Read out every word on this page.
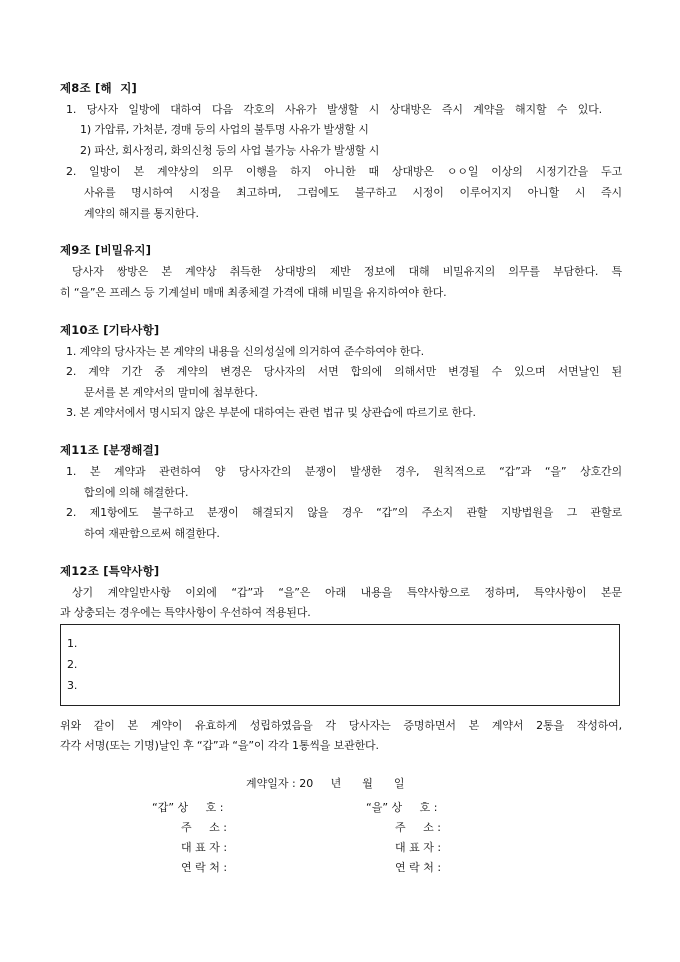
제8조 [해  지]
1. 당사자 일방에 대하여 다음 각호의 사유가 발생할 시 상대방은 즉시 계약을 해지할 수 있다.
1) 가압류, 가처분, 경매 등의 사업의 불투명 사유가 발생할 시
2) 파산, 회사정리, 화의신청 등의 사업 불가능 사유가 발생할 시
2. 일방이 본 계약상의 의무 이행을 하지 아니한 때 상대방은 ㅇㅇ일 이상의 시정기간을 두고
사유를 명시하여 시정을 최고하며, 그럼에도 불구하고 시정이 이루어지지 아니할 시 즉시
계약의 해지를 통지한다.
제9조 [비밀유지]
당사자 쌍방은 본 계약상 취득한 상대방의 제반 정보에 대해 비밀유지의 의무를 부담한다. 특
히 “을”은 프레스 등 기계설비 매매 최종체결 가격에 대해 비밀을 유지하여야 한다.
제10조 [기타사항]
1. 계약의 당사자는 본 계약의 내용을 신의성실에 의거하여 준수하여야 한다.
2. 계약 기간 중 계약의 변경은 당사자의 서면 합의에 의해서만 변경될 수 있으며 서면날인 된
문서를 본 계약서의 말미에 첨부한다.
3. 본 계약서에서 명시되지 않은 부분에 대하여는 관련 법규 및 상관습에 따르기로 한다.
제11조 [분쟁해결]
1. 본 계약과 관련하여 양 당사자간의 분쟁이 발생한 경우, 원칙적으로 “갑”과 “을” 상호간의
합의에 의해 해결한다.
2. 제1항에도 불구하고 분쟁이 해결되지 않을 경우 “갑”의 주소지 관할 지방법원을 그 관할로
하여 재판함으로써 해결한다.
제12조 [특약사항]
상기 계약일반사항 이외에 “갑”과 “을”은 아래 내용을 특약사항으로 정하며, 특약사항이 본문
과 상충되는 경우에는 특약사항이 우선하여 적용된다.
1.
2.
3.
위와 같이 본 계약이 유효하게 성립하였음을 각 당사자는 증명하면서 본 계약서 2통을 작성하여,
각각 서명(또는 기명)날인 후 “갑”과 “을”이 각각 1통씩을 보관한다.
계약일자 : 20     년      월      일
“갑” 상     호 :
주     소 :
대 표 자 :
연 락 처 :
“을” 상     호 :
주     소 :
대 표 자 :
연 락 처 :
